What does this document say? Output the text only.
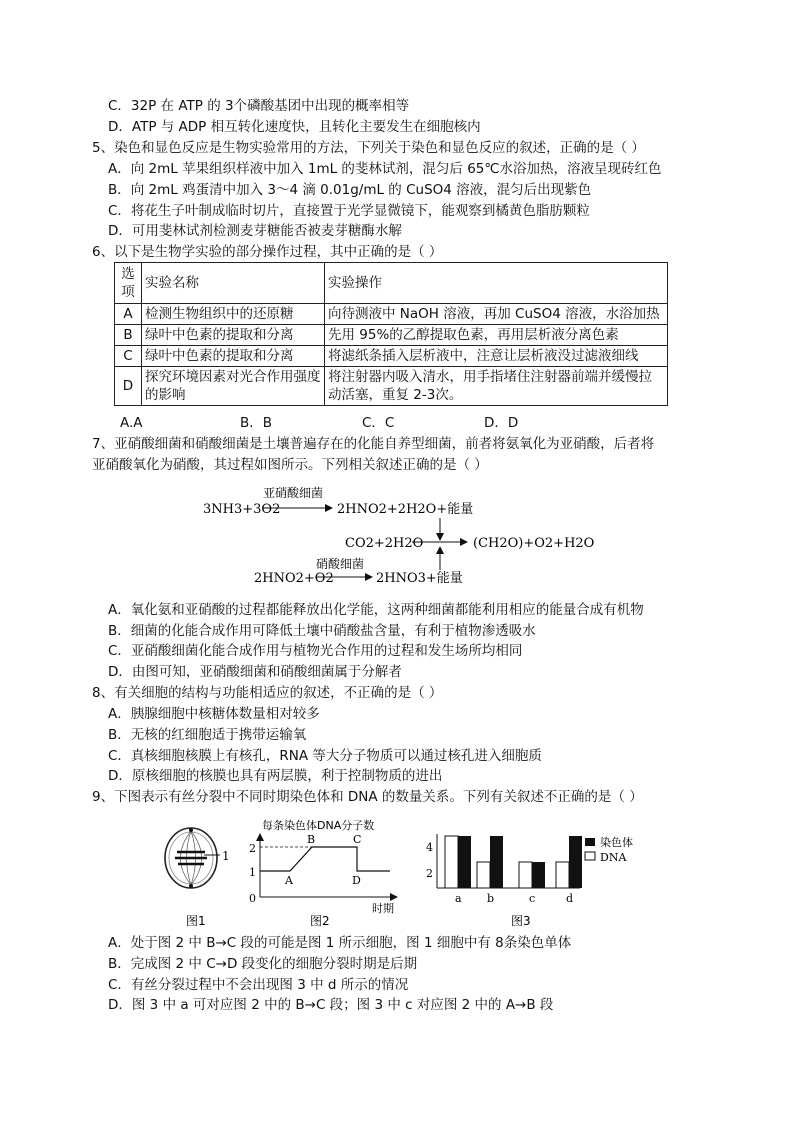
C．32P 在 ATP 的 3个磷酸基团中出现的概率相等
D．ATP 与 ADP 相互转化速度快，且转化主要发生在细胞核内
5、染色和显色反应是生物实验常用的方法，下列关于染色和显色反应的叙述，正确的是（ ）
A．向 2mL 苹果组织样液中加入 1mL 的斐林试剂，混匀后 65℃水浴加热，溶液呈现砖红色
B．向 2mL 鸡蛋清中加入 3～4 滴 0.01g/mL 的 CuSO4 溶液，混匀后出现紫色
C．将花生子叶制成临时切片，直接置于光学显微镜下，能观察到橘黄色脂肪颗粒
D．可用斐林试剂检测麦芽糖能否被麦芽糖酶水解
6、以下是生物学实验的部分操作过程，其中正确的是（ ）
选项	实验名称	实验操作
A	检测生物组织中的还原糖	向待测液中 NaOH 溶液，再加 CuSO4 溶液，水浴加热
B	绿叶中色素的提取和分离	先用 95%的乙醇提取色素，再用层析液分离色素
C	绿叶中色素的提取和分离	将滤纸条插入层析液中，注意让层析液没过滤液细线
D	探究环境因素对光合作用强度的影响	将注射器内吸入清水，用手指堵住注射器前端并缓慢拉动活塞，重复 2-3次。
A.A	B．B	C．C	D．D
7、亚硝酸细菌和硝酸细菌是土壤普遍存在的化能自养型细菌，前者将氨氧化为亚硝酸，后者将
亚硝酸氧化为硝酸，其过程如图所示。下列相关叙述正确的是（ ）
3NH3+3O2
亚硝酸细菌
2HNO2+2H2O+能量
CO2+2H2O	(CH2O)+O2+H2O
2HNO2+O2
硝酸细菌
2HNO3+能量
A．氧化氨和亚硝酸的过程都能释放出化学能，这两种细菌都能利用相应的能量合成有机物
B．细菌的化能合成作用可降低土壤中硝酸盐含量，有利于植物渗透吸水
C．亚硝酸细菌化能合成作用与植物光合作用的过程和发生场所均相同
D．由图可知，亚硝酸细菌和硝酸细菌属于分解者
8、有关细胞的结构与功能相适应的叙述，不正确的是（ ）
A．胰腺细胞中核糖体数量相对较多
B．无核的红细胞适于携带运输氧
C．真核细胞核膜上有核孔，RNA 等大分子物质可以通过核孔进入细胞质
D．原核细胞的核膜也具有两层膜，利于控制物质的进出
9、下图表示有丝分裂中不同时期染色体和 DNA 的数量关系。下列有关叙述不正确的是（ ）
1
图1
每条染色体DNA分子数
2
1
0
A
B	C
D
时期
图2
4
2
a b	c	d
染色体
DNA
图3
A．处于图 2 中 B→C 段的可能是图 1 所示细胞，图 1 细胞中有 8条染色单体
B．完成图 2 中 C→D 段变化的细胞分裂时期是后期
C．有丝分裂过程中不会出现图 3 中 d 所示的情况
D．图 3 中 a 可对应图 2 中的 B→C 段；图 3 中 c 对应图 2 中的 A→B 段
